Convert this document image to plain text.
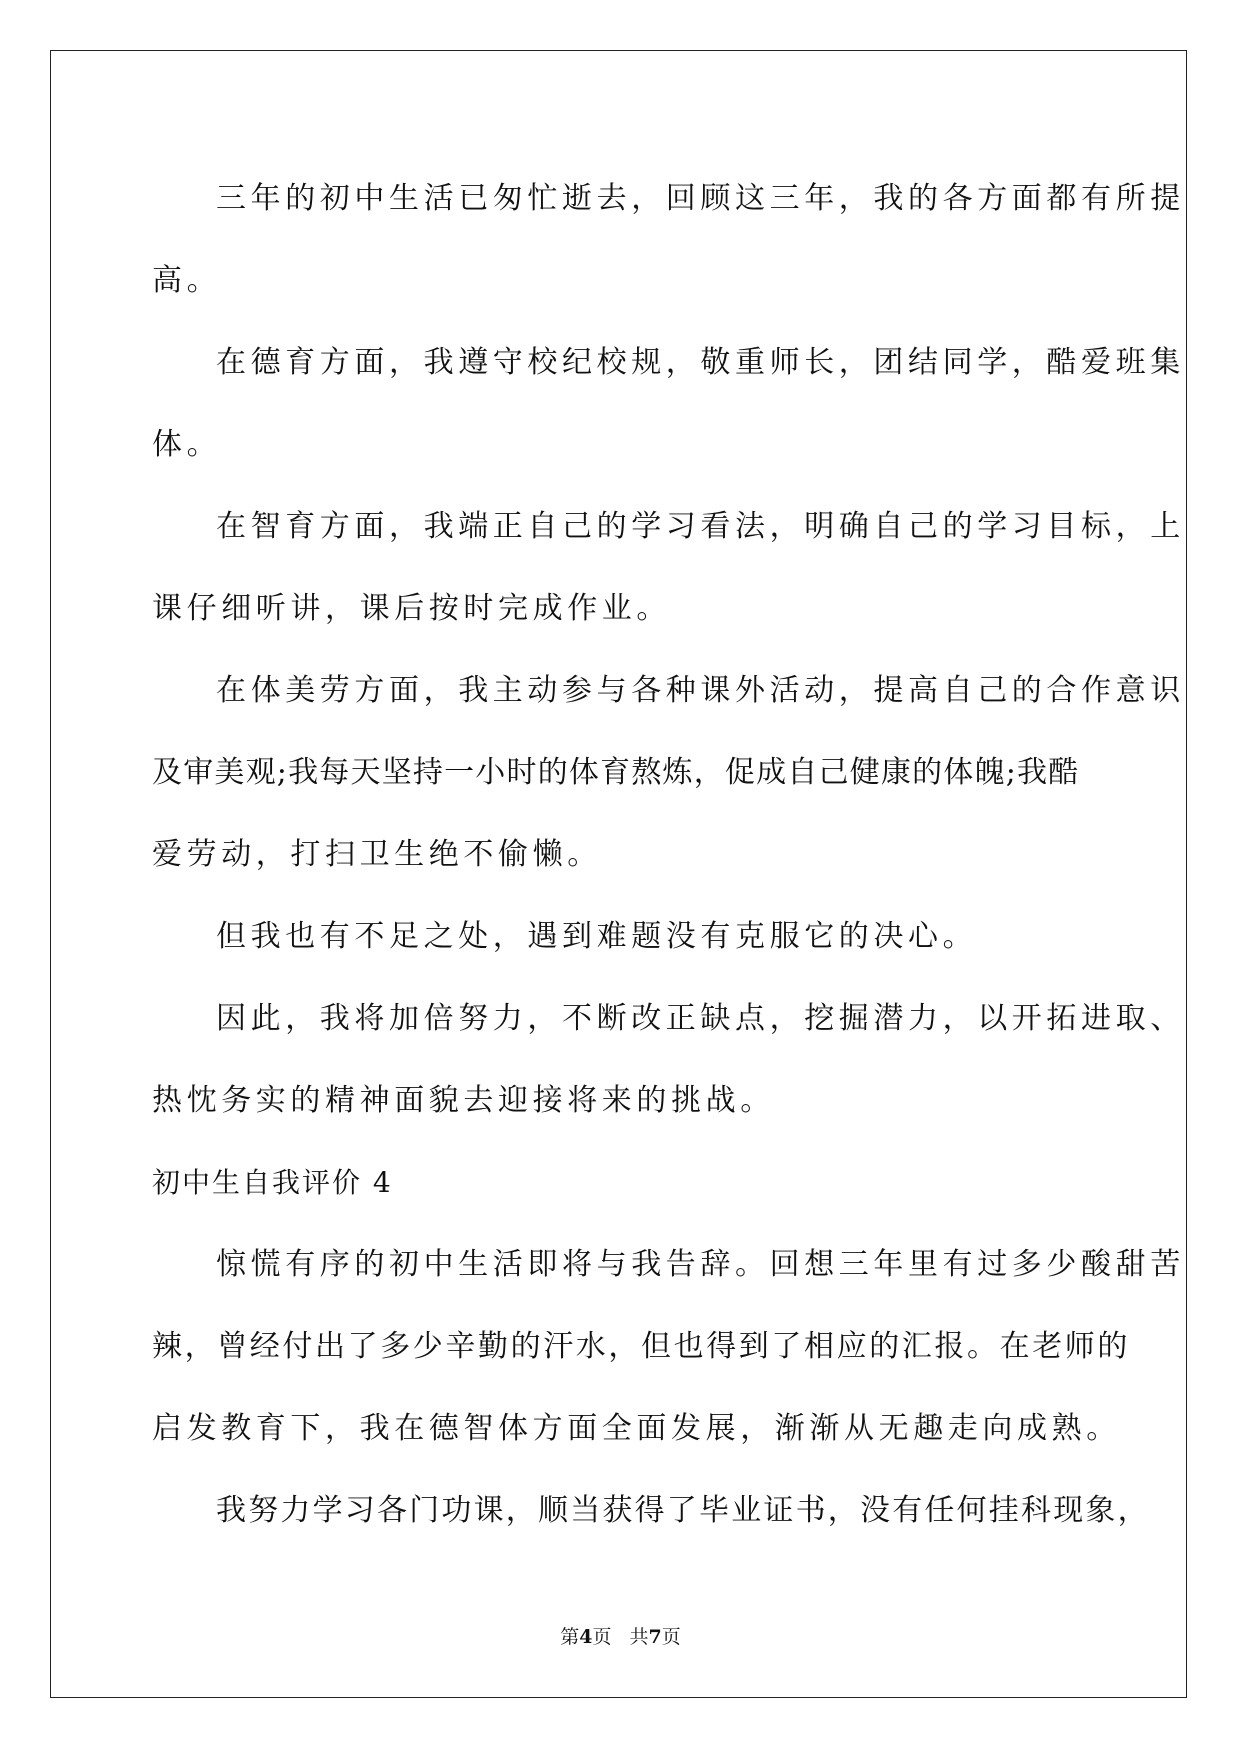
三年的初中生活已匆忙逝去，回顾这三年，我的各方面都有所提
高。
在德育方面，我遵守校纪校规，敬重师长，团结同学，酷爱班集
体。
在智育方面，我端正自己的学习看法，明确自己的学习目标，上
课仔细听讲，课后按时完成作业。
在体美劳方面，我主动参与各种课外活动，提高自己的合作意识
及审美观;我每天坚持一小时的体育熬炼，促成自己健康的体魄;我酷
爱劳动，打扫卫生绝不偷懒。
但我也有不足之处，遇到难题没有克服它的决心。
因此，我将加倍努力，不断改正缺点，挖掘潜力，以开拓进取、
热忱务实的精神面貌去迎接将来的挑战。
初中生自我评价 4
惊慌有序的初中生活即将与我告辞。回想三年里有过多少酸甜苦
辣，曾经付出了多少辛勤的汗水，但也得到了相应的汇报。在老师的
启发教育下，我在德智体方面全面发展，渐渐从无趣走向成熟。
我努力学习各门功课，顺当获得了毕业证书，没有任何挂科现象，
第4页 共7页
